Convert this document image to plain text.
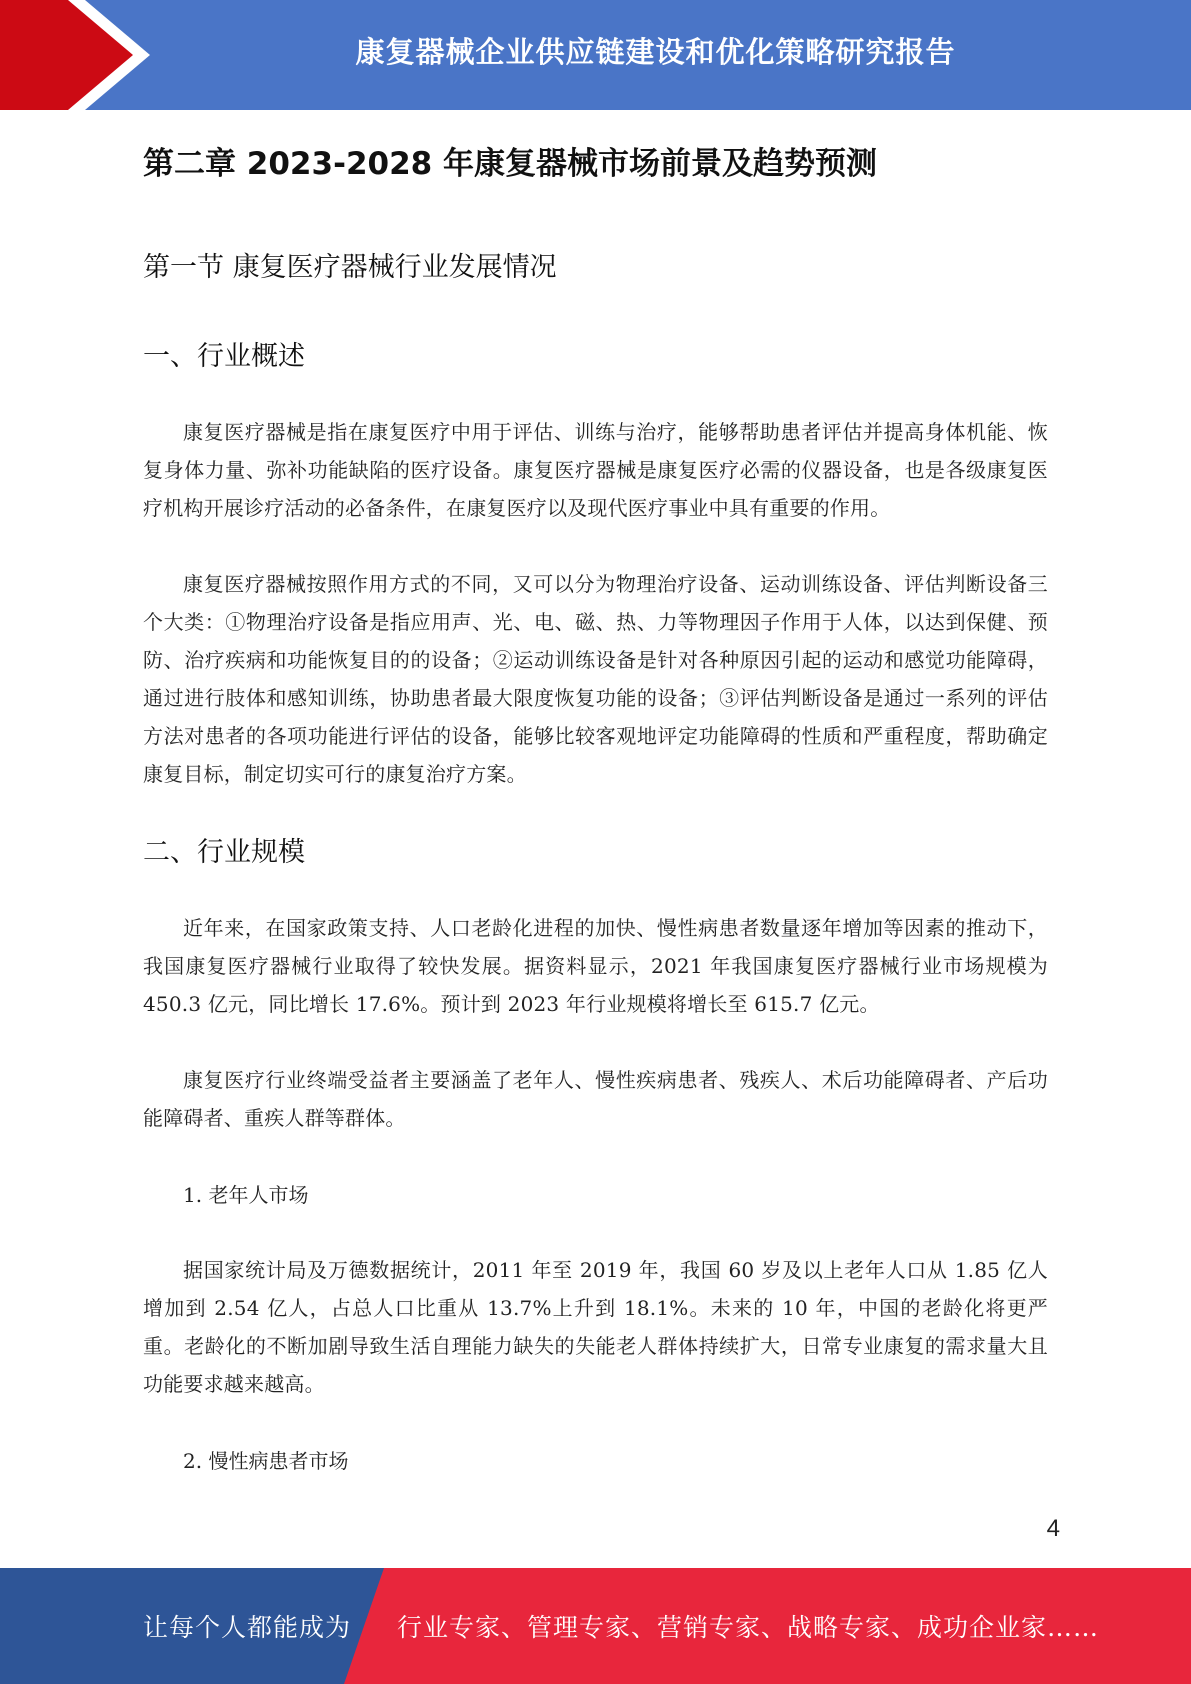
康复器械企业供应链建设和优化策略研究报告
第二章 2023-2028 年康复器械市场前景及趋势预测
第一节 康复医疗器械行业发展情况
一、行业概述

康复医疗器械是指在康复医疗中用于评估、训练与治疗，能够帮助患者评估并提高身体机能、恢复身体力量、弥补功能缺陷的医疗设备。康复医疗器械是康复医疗必需的仪器设备，也是各级康复医疗机构开展诊疗活动的必备条件，在康复医疗以及现代医疗事业中具有重要的作用。

康复医疗器械按照作用方式的不同，又可以分为物理治疗设备、运动训练设备、评估判断设备三个大类：①物理治疗设备是指应用声、光、电、磁、热、力等物理因子作用于人体，以达到保健、预防、治疗疾病和功能恢复目的的设备；②运动训练设备是针对各种原因引起的运动和感觉功能障碍，通过进行肢体和感知训练，协助患者最大限度恢复功能的设备；③评估判断设备是通过一系列的评估方法对患者的各项功能进行评估的设备，能够比较客观地评定功能障碍的性质和严重程度，帮助确定康复目标，制定切实可行的康复治疗方案。

二、行业规模

近年来，在国家政策支持、人口老龄化进程的加快、慢性病患者数量逐年增加等因素的推动下，我国康复医疗器械行业取得了较快发展。据资料显示，2021 年我国康复医疗器械行业市场规模为 450.3 亿元，同比增长 17.6%。预计到 2023 年行业规模将增长至 615.7 亿元。

康复医疗行业终端受益者主要涵盖了老年人、慢性疾病患者、残疾人、术后功能障碍者、产后功能障碍者、重疾人群等群体。

1. 老年人市场

据国家统计局及万德数据统计，2011 年至 2019 年，我国 60 岁及以上老年人口从 1.85 亿人增加到 2.54 亿人，占总人口比重从 13.7%上升到 18.1%。未来的 10 年，中国的老龄化将更严重。老龄化的不断加剧导致生活自理能力缺失的失能老人群体持续扩大，日常专业康复的需求量大且功能要求越来越高。

2. 慢性病患者市场

4
让每个人都能成为 行业专家、管理专家、营销专家、战略专家、成功企业家……
